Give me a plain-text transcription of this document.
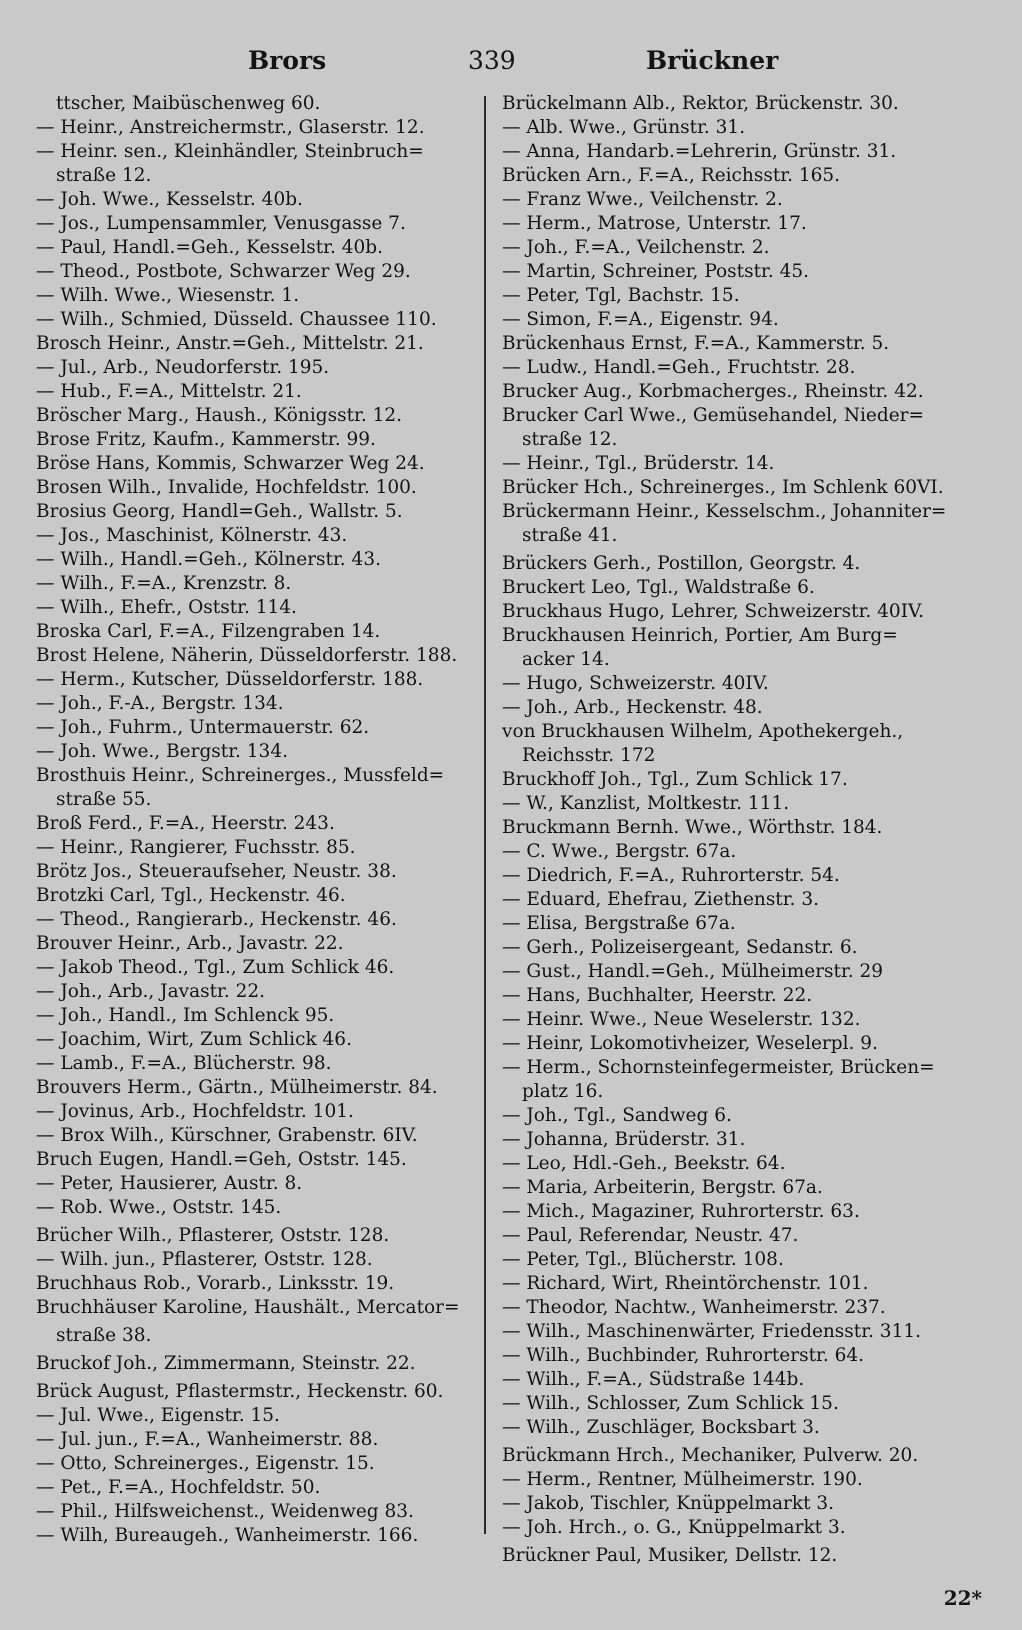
Brors	339	Brückner
ttscher, Maibüschenweg 60.
— Heinr., Anstreichermstr., Glaserstr. 12.
— Heinr. sen., Kleinhändler, Steinbruch=
straße 12.
— Joh. Wwe., Kesselstr. 40b.
— Jos., Lumpensammler, Venusgasse 7.
— Paul, Handl.=Geh., Kesselstr. 40b.
— Theod., Postbote, Schwarzer Weg 29.
— Wilh. Wwe., Wiesenstr. 1.
— Wilh., Schmied, Düsseld. Chaussee 110.
Brosch Heinr., Anstr.=Geh., Mittelstr. 21.
— Jul., Arb., Neudorferstr. 195.
— Hub., F.=A., Mittelstr. 21.
Bröscher Marg., Haush., Königsstr. 12.
Brose Fritz, Kaufm., Kammerstr. 99.
Bröse Hans, Kommis, Schwarzer Weg 24.
Brosen Wilh., Invalide, Hochfeldstr. 100.
Brosius Georg, Handl=Geh., Wallstr. 5.
— Jos., Maschinist, Kölnerstr. 43.
— Wilh., Handl.=Geh., Kölnerstr. 43.
— Wilh., F.=A., Krenzstr. 8.
— Wilh., Ehefr., Oststr. 114.
Broska Carl, F.=A., Filzengraben 14.
Brost Helene, Näherin, Düsseldorferstr. 188.
— Herm., Kutscher, Düsseldorferstr. 188.
— Joh., F.-A., Bergstr. 134.
— Joh., Fuhrm., Untermauerstr. 62.
— Joh. Wwe., Bergstr. 134.
Brosthuis Heinr., Schreinerges., Mussfeld=
straße 55.
Broß Ferd., F.=A., Heerstr. 243.
— Heinr., Rangierer, Fuchsstr. 85.
Brötz Jos., Steueraufseher, Neustr. 38.
Brotzki Carl, Tgl., Heckenstr. 46.
— Theod., Rangierarb., Heckenstr. 46.
Brouver Heinr., Arb., Javastr. 22.
— Jakob Theod., Tgl., Zum Schlick 46.
— Joh., Arb., Javastr. 22.
— Joh., Handl., Im Schlenck 95.
— Joachim, Wirt, Zum Schlick 46.
— Lamb., F.=A., Blücherstr. 98.
Brouvers Herm., Gärtn., Mülheimerstr. 84.
— Jovinus, Arb., Hochfeldstr. 101.
— Brox Wilh., Kürschner, Grabenstr. 6IV.
Bruch Eugen, Handl.=Geh, Oststr. 145.
— Peter, Hausierer, Austr. 8.
— Rob. Wwe., Oststr. 145.
Brücher Wilh., Pflasterer, Oststr. 128.
— Wilh. jun., Pflasterer, Oststr. 128.
Bruchhaus Rob., Vorarb., Linksstr. 19.
Bruchhäuser Karoline, Haushält., Mercator=
straße 38.
Bruckof Joh., Zimmermann, Steinstr. 22.
Brück August, Pflastermstr., Heckenstr. 60.
— Jul. Wwe., Eigenstr. 15.
— Jul. jun., F.=A., Wanheimerstr. 88.
— Otto, Schreinerges., Eigenstr. 15.
— Pet., F.=A., Hochfeldstr. 50.
— Phil., Hilfsweichenst., Weidenweg 83.
— Wilh, Bureaugeh., Wanheimerstr. 166.
Brückelmann Alb., Rektor, Brückenstr. 30.
— Alb. Wwe., Grünstr. 31.
— Anna, Handarb.=Lehrerin, Grünstr. 31.
Brücken Arn., F.=A., Reichsstr. 165.
— Franz Wwe., Veilchenstr. 2.
— Herm., Matrose, Unterstr. 17.
— Joh., F.=A., Veilchenstr. 2.
— Martin, Schreiner, Poststr. 45.
— Peter, Tgl, Bachstr. 15.
— Simon, F.=A., Eigenstr. 94.
Brückenhaus Ernst, F.=A., Kammerstr. 5.
— Ludw., Handl.=Geh., Fruchtstr. 28.
Brucker Aug., Korbmacherges., Rheinstr. 42.
Brucker Carl Wwe., Gemüsehandel, Nieder=
straße 12.
— Heinr., Tgl., Brüderstr. 14.
Brücker Hch., Schreinerges., Im Schlenk 60VI.
Brückermann Heinr., Kesselschm., Johanniter=
straße 41.
Brückers Gerh., Postillon, Georgstr. 4.
Bruckert Leo, Tgl., Waldstraße 6.
Bruckhaus Hugo, Lehrer, Schweizerstr. 40IV.
Bruckhausen Heinrich, Portier, Am Burg=
acker 14.
— Hugo, Schweizerstr. 40IV.
— Joh., Arb., Heckenstr. 48.
von Bruckhausen Wilhelm, Apothekergeh.,
Reichsstr. 172
Bruckhoff Joh., Tgl., Zum Schlick 17.
— W., Kanzlist, Moltkestr. 111.
Bruckmann Bernh. Wwe., Wörthstr. 184.
— C. Wwe., Bergstr. 67a.
— Diedrich, F.=A., Ruhrorterstr. 54.
— Eduard, Ehefrau, Ziethenstr. 3.
— Elisa, Bergstraße 67a.
— Gerh., Polizeisergeant, Sedanstr. 6.
— Gust., Handl.=Geh., Mülheimerstr. 29
— Hans, Buchhalter, Heerstr. 22.
— Heinr. Wwe., Neue Weselerstr. 132.
— Heinr, Lokomotivheizer, Weselerpl. 9.
— Herm., Schornsteinfegermeister, Brücken=
platz 16.
— Joh., Tgl., Sandweg 6.
— Johanna, Brüderstr. 31.
— Leo, Hdl.-Geh., Beekstr. 64.
— Maria, Arbeiterin, Bergstr. 67a.
— Mich., Magaziner, Ruhrorterstr. 63.
— Paul, Referendar, Neustr. 47.
— Peter, Tgl., Blücherstr. 108.
— Richard, Wirt, Rheintörchenstr. 101.
— Theodor, Nachtw., Wanheimerstr. 237.
— Wilh., Maschinenwärter, Friedensstr. 311.
— Wilh., Buchbinder, Ruhrorterstr. 64.
— Wilh., F.=A., Südstraße 144b.
— Wilh., Schlosser, Zum Schlick 15.
— Wilh., Zuschläger, Bocksbart 3.
Brückmann Hrch., Mechaniker, Pulverw. 20.
— Herm., Rentner, Mülheimerstr. 190.
— Jakob, Tischler, Knüppelmarkt 3.
— Joh. Hrch., o. G., Knüppelmarkt 3.
Brückner Paul, Musiker, Dellstr. 12.
22*
